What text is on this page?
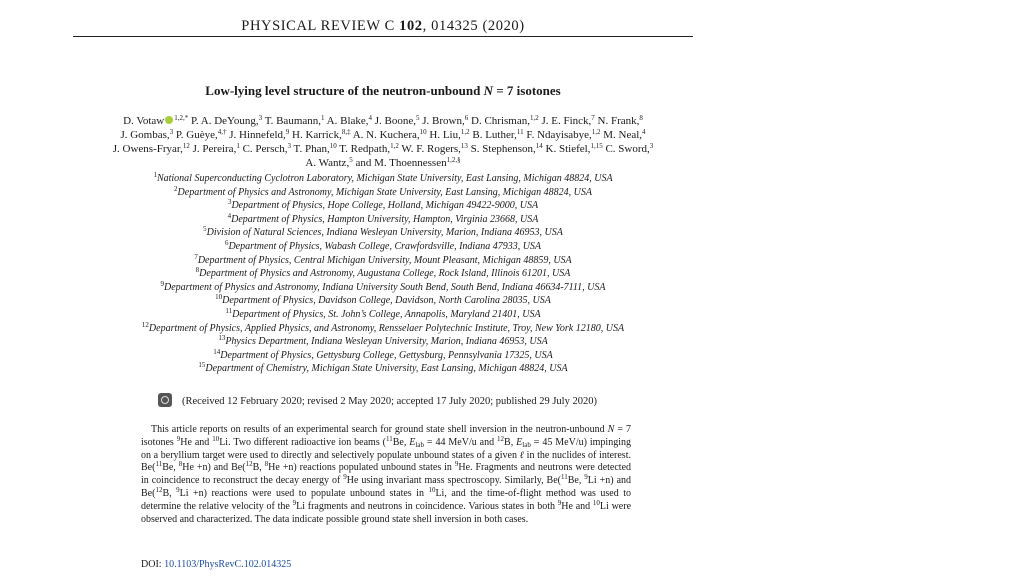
PHYSICAL REVIEW C 102, 014325 (2020)
Low-lying level structure of the neutron-unbound N = 7 isotones
D. Votaw $^{1,2,*}$ P. A. DeYoung,$^3$ T. Baumann,$^1$ A. Blake,$^4$ J. Boone,$^5$ J. Brown,$^6$ D. Chrisman,$^{1,2}$ J. E. Finck,$^7$ N. Frank,$^8$
J. Gombas,$^3$ P. Guèye,$^{4,\dagger}$ J. Hinnefeld,$^9$ H. Karrick,$^{8,\ddagger}$ A. N. Kuchera,$^{10}$ H. Liu,$^{1,2}$ B. Luther,$^{11}$ F. Ndayisabye,$^{1,2}$ M. Neal,$^4$
J. Owens-Fryar,$^{12}$ J. Pereira,$^1$ C. Persch,$^3$ T. Phan,$^{10}$ T. Redpath,$^{1,2}$ W. F. Rogers,$^{13}$ S. Stephenson,$^{14}$ K. Stiefel,$^{1,15}$ C. Sword,$^3$
A. Wantz,$^5$ and M. Thoennessen$^{1,2,\S}$
$^1$National Superconducting Cyclotron Laboratory, Michigan State University, East Lansing, Michigan 48824, USA
$^2$Department of Physics and Astronomy, Michigan State University, East Lansing, Michigan 48824, USA
$^3$Department of Physics, Hope College, Holland, Michigan 49422-9000, USA
$^4$Department of Physics, Hampton University, Hampton, Virginia 23668, USA
$^5$Division of Natural Sciences, Indiana Wesleyan University, Marion, Indiana 46953, USA
$^6$Department of Physics, Wabash College, Crawfordsville, Indiana 47933, USA
$^7$Department of Physics, Central Michigan University, Mount Pleasant, Michigan 48859, USA
$^8$Department of Physics and Astronomy, Augustana College, Rock Island, Illinois 61201, USA
$^9$Department of Physics and Astronomy, Indiana University South Bend, South Bend, Indiana 46634-7111, USA
$^{10}$Department of Physics, Davidson College, Davidson, North Carolina 28035, USA
$^{11}$Department of Physics, St. John’s College, Annapolis, Maryland 21401, USA
$^{12}$Department of Physics, Applied Physics, and Astronomy, Rensselaer Polytechnic Institute, Troy, New York 12180, USA
$^{13}$Physics Department, Indiana Wesleyan University, Marion, Indiana 46953, USA
$^{14}$Department of Physics, Gettysburg College, Gettysburg, Pennsylvania 17325, USA
$^{15}$Department of Chemistry, Michigan State University, East Lansing, Michigan 48824, USA
(Received 12 February 2020; revised 2 May 2020; accepted 17 July 2020; published 29 July 2020)
This article reports on results of an experimental search for ground state shell inversion in the neutron-unbound N = 7 isotones $^9$He and $^{10}$Li. Two different radioactive ion beams ($^{11}$Be, $E_{lab} = 44$ MeV/u and $^{12}$B, $E_{lab} = 45$ MeV/u) impinging on a beryllium target were used to directly and selectively populate unbound states of a given ℓ in the nuclides of interest. Be($^{11}$Be, $^8$He +n) and Be($^{12}$B, $^8$He +n) reactions populated unbound states in $^9$He. Fragments and neutrons were detected in coincidence to reconstruct the decay energy of $^9$He using invariant mass spectroscopy. Similarly, Be($^{11}$Be, $^9$Li +n) and Be($^{12}$B, $^9$Li +n) reactions were used to populate unbound states in $^{10}$Li, and the time-of-flight method was used to determine the relative velocity of the $^9$Li fragments and neutrons in coincidence. Various states in both $^9$He and $^{10}$Li were observed and characterized. The data indicate possible ground state shell inversion in both cases.
DOI: 10.1103/PhysRevC.102.014325
